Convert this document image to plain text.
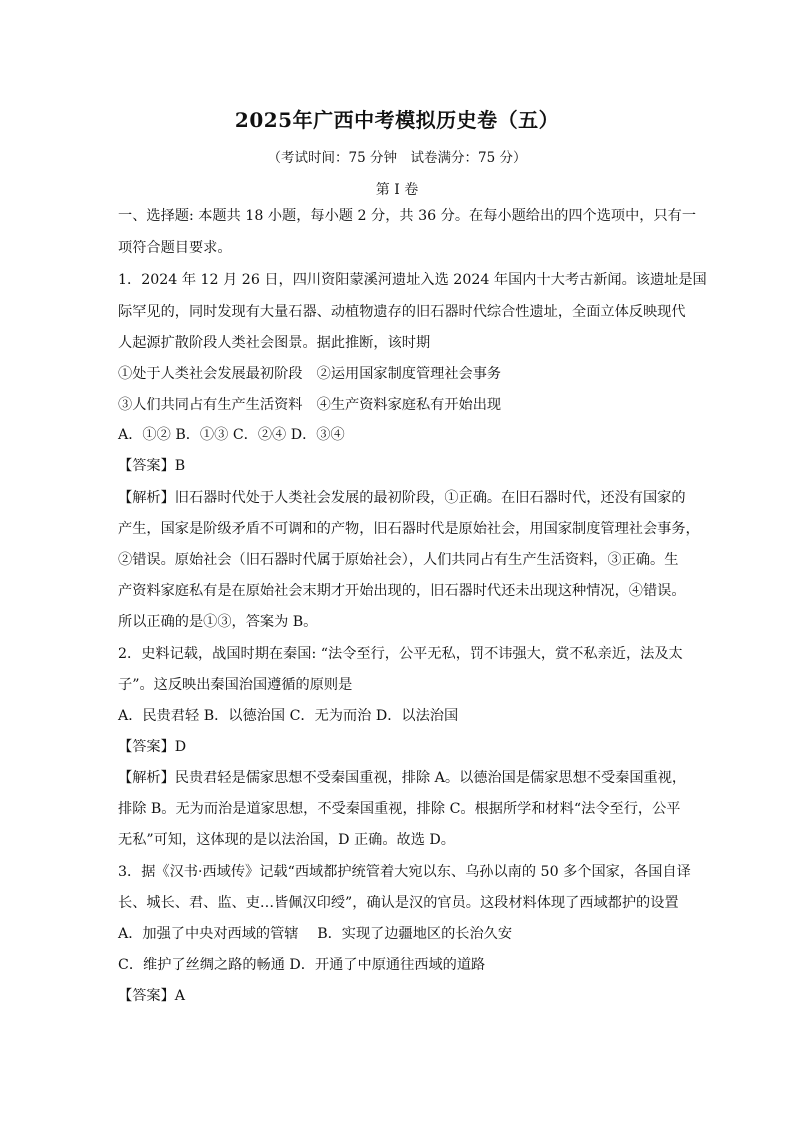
2025年广西中考模拟历史卷（五）
（考试时间：75 分钟　试卷满分：75 分）
第 I 卷
一、选择题: 本题共 18 小题，每小题 2 分，共 36 分。在每小题给出的四个选项中，只有一
项符合题目要求。
1．2024 年 12 月 26 日，四川资阳蒙溪河遗址入选 2024 年国内十大考古新闻。该遗址是国
际罕见的，同时发现有大量石器、动植物遗存的旧石器时代综合性遗址，全面立体反映现代
人起源扩散阶段人类社会图景。据此推断，该时期
①处于人类社会发展最初阶段　②运用国家制度管理社会事务
③人们共同占有生产生活资料　④生产资料家庭私有开始出现
A．①② B．①③ C．②④ D．③④
【答案】B
【解析】旧石器时代处于人类社会发展的最初阶段，①正确。在旧石器时代，还没有国家的
产生，国家是阶级矛盾不可调和的产物，旧石器时代是原始社会，用国家制度管理社会事务，
②错误。原始社会（旧石器时代属于原始社会），人们共同占有生产生活资料，③正确。生
产资料家庭私有是在原始社会末期才开始出现的，旧石器时代还未出现这种情况，④错误。
所以正确的是①③，答案为 B。
2．史料记载，战国时期在秦国: “法令至行，公平无私，罚不讳强大，赏不私亲近，法及太
子”。这反映出秦国治国遵循的原则是
A．民贵君轻 B．以德治国 C．无为而治 D．以法治国
【答案】D
【解析】民贵君轻是儒家思想不受秦国重视，排除 A。以德治国是儒家思想不受秦国重视，
排除 B。无为而治是道家思想，不受秦国重视，排除 C。根据所学和材料“法令至行，公平
无私”可知，这体现的是以法治国，D 正确。故选 D。
3．据《汉书·西域传》记载“西域都护统管着大宛以东、乌孙以南的 50 多个国家，各国自译
长、城长、君、监、吏…皆佩汉印绶”，确认是汉的官员。这段材料体现了西域都护的设置
A．加强了中央对西域的管辖　 B．实现了边疆地区的长治久安
C．维护了丝绸之路的畅通 D．开通了中原通往西域的道路
【答案】A
